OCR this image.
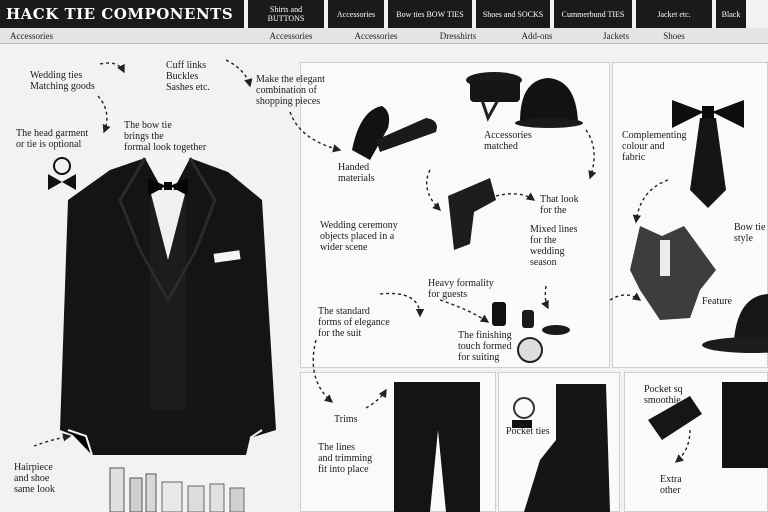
HACK TIE COMPONENTS	Shirts and BUTTONS	Accessories	Bow ties BOW TIES	Shoes and SOCKS	Cummerbund TIES	Jacket etc.	Black
Accessories	Accessories	Accessories	Dresshirts	Add-ons	Jackets	Shoes
Wedding ties
Matching goods
Cuff links
Buckles
Sashes etc.
The bow tie
brings the
formal look together
The head garment
or tie is optional
Hairpiece
and shoe
same look
Make the elegant
combination of
shopping pieces
Handed
materials
Accessories
matched
Wedding ceremony
objects placed in a
wider scene
Heavy formality
for guests
The standard
forms of elegance
for the suit	The finishing
touch formed
for suiting
Trims
The lines
and trimming
fit into place
That look
for the
Mixed lines
for the
wedding
season
Complementing
colour and
fabric
Bow tie
style
Pocket sq
smoothie
Feature
Extra
other
Pocket ties
